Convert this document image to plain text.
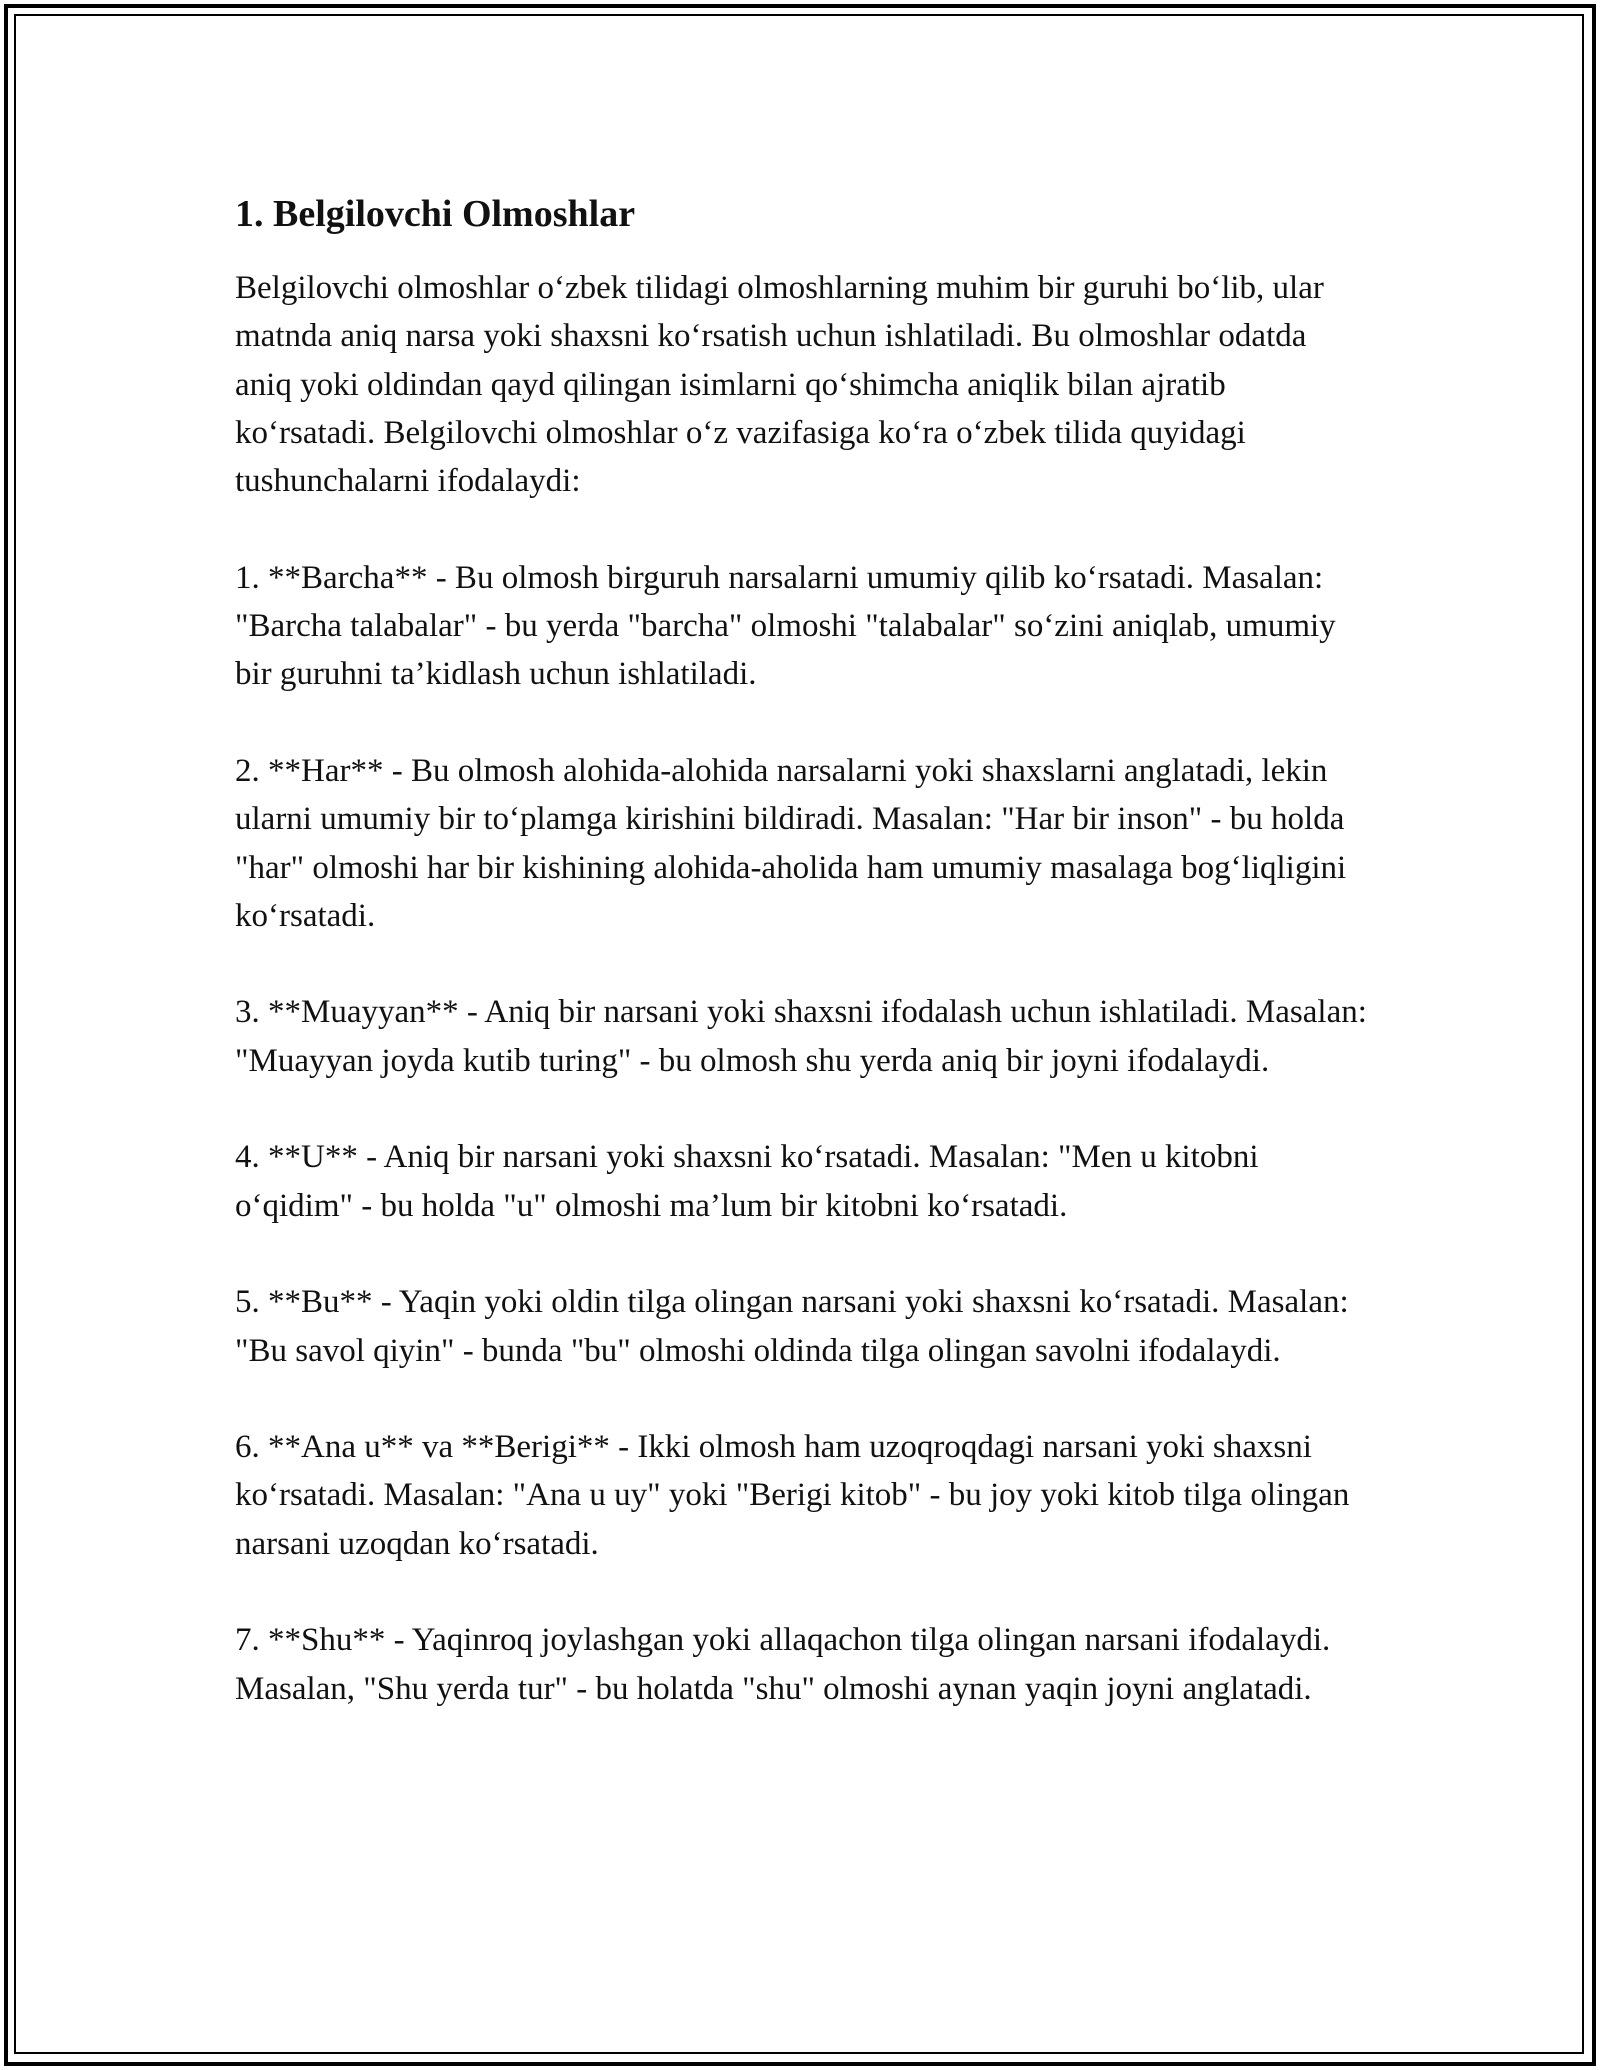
1. Belgilovchi Olmoshlar

Belgilovchi olmoshlar o‘zbek tilidagi olmoshlarning muhim bir guruhi bo‘lib, ular matnda aniq narsa yoki shaxsni ko‘rsatish uchun ishlatiladi. Bu olmoshlar odatda aniq yoki oldindan qayd qilingan isimlarni qo‘shimcha aniqlik bilan ajratib ko‘rsatadi. Belgilovchi olmoshlar o‘z vazifasiga ko‘ra o‘zbek tilida quyidagi tushunchalarni ifodalaydi:

1. **Barcha** - Bu olmosh birguruh narsalarni umumiy qilib ko‘rsatadi. Masalan: "Barcha talabalar" - bu yerda "barcha" olmoshi "talabalar" so‘zini aniqlab, umumiy bir guruhni ta’kidlash uchun ishlatiladi.

2. **Har** - Bu olmosh alohida-alohida narsalarni yoki shaxslarni anglatadi, lekin ularni umumiy bir to‘plamga kirishini bildiradi. Masalan: "Har bir inson" - bu holda "har" olmoshi har bir kishining alohida-aholida ham umumiy masalaga bog‘liqligini ko‘rsatadi.

3. **Muayyan** - Aniq bir narsani yoki shaxsni ifodalash uchun ishlatiladi. Masalan: "Muayyan joyda kutib turing" - bu olmosh shu yerda aniq bir joyni ifodalaydi.

4. **U** - Aniq bir narsani yoki shaxsni ko‘rsatadi. Masalan: "Men u kitobni o‘qidim" - bu holda "u" olmoshi ma’lum bir kitobni ko‘rsatadi.

5. **Bu** - Yaqin yoki oldin tilga olingan narsani yoki shaxsni ko‘rsatadi. Masalan: "Bu savol qiyin" - bunda "bu" olmoshi oldinda tilga olingan savolni ifodalaydi.

6. **Ana u** va **Berigi** - Ikki olmosh ham uzoqroqdagi narsani yoki shaxsni ko‘rsatadi. Masalan: "Ana u uy" yoki "Berigi kitob" - bu joy yoki kitob tilga olingan narsani uzoqdan ko‘rsatadi.

7. **Shu** - Yaqinroq joylashgan yoki allaqachon tilga olingan narsani ifodalaydi. Masalan, "Shu yerda tur" - bu holatda "shu" olmoshi aynan yaqin joyni anglatadi.
